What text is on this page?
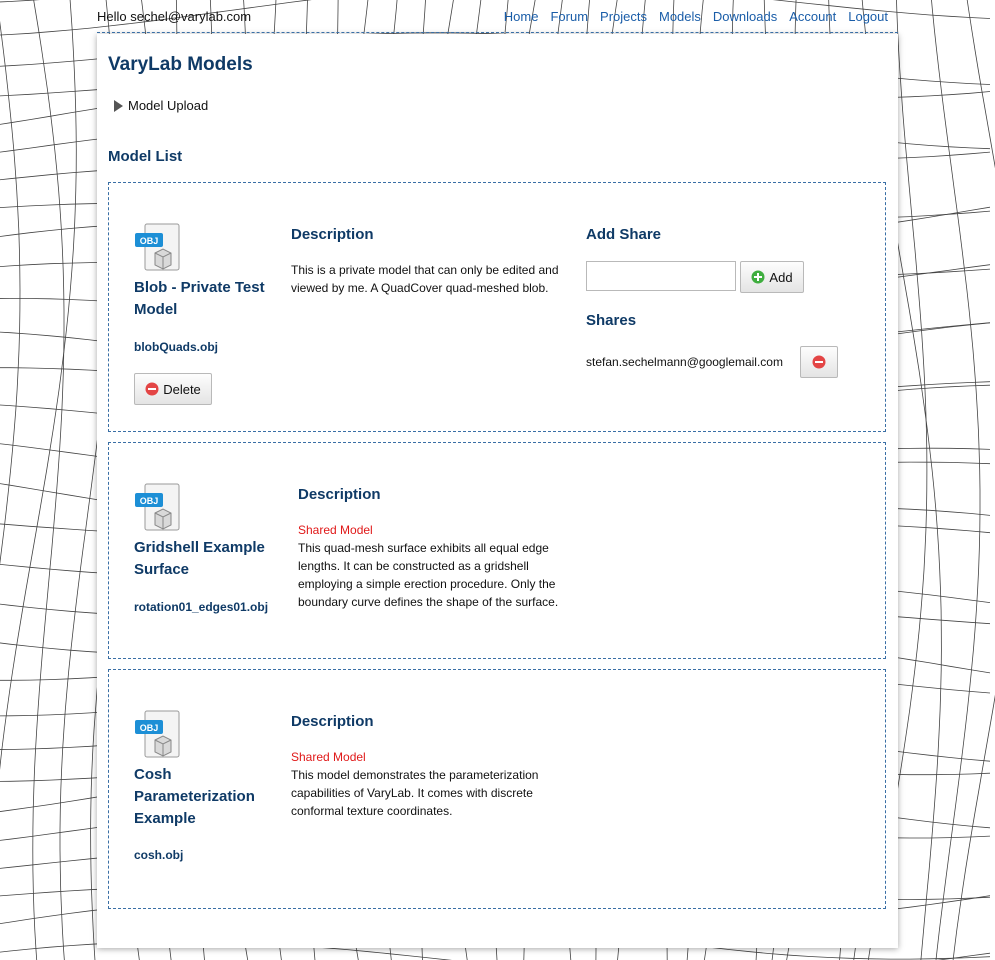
Hello sechel@varylab.com	Home Forum Projects Models Downloads Account Logout
VaryLab Models
Model Upload
Model List
OBJ
Blob - Private Test Model
blobQuads.obj
Delete
Description
This is a private model that can only be edited and viewed by me. A QuadCover quad-meshed blob.
Add Share
Add
Shares
stefan.sechelmann@googlemail.com
OBJ
Gridshell Example Surface
rotation01_edges01.obj
Description
Shared Model
This quad-mesh surface exhibits all equal edge lengths. It can be constructed as a gridshell employing a simple erection procedure. Only the boundary curve defines the shape of the surface.
OBJ
Cosh Parameterization Example
cosh.obj
Description
Shared Model
This model demonstrates the parameterization capabilities of VaryLab. It comes with discrete conformal texture coordinates.
